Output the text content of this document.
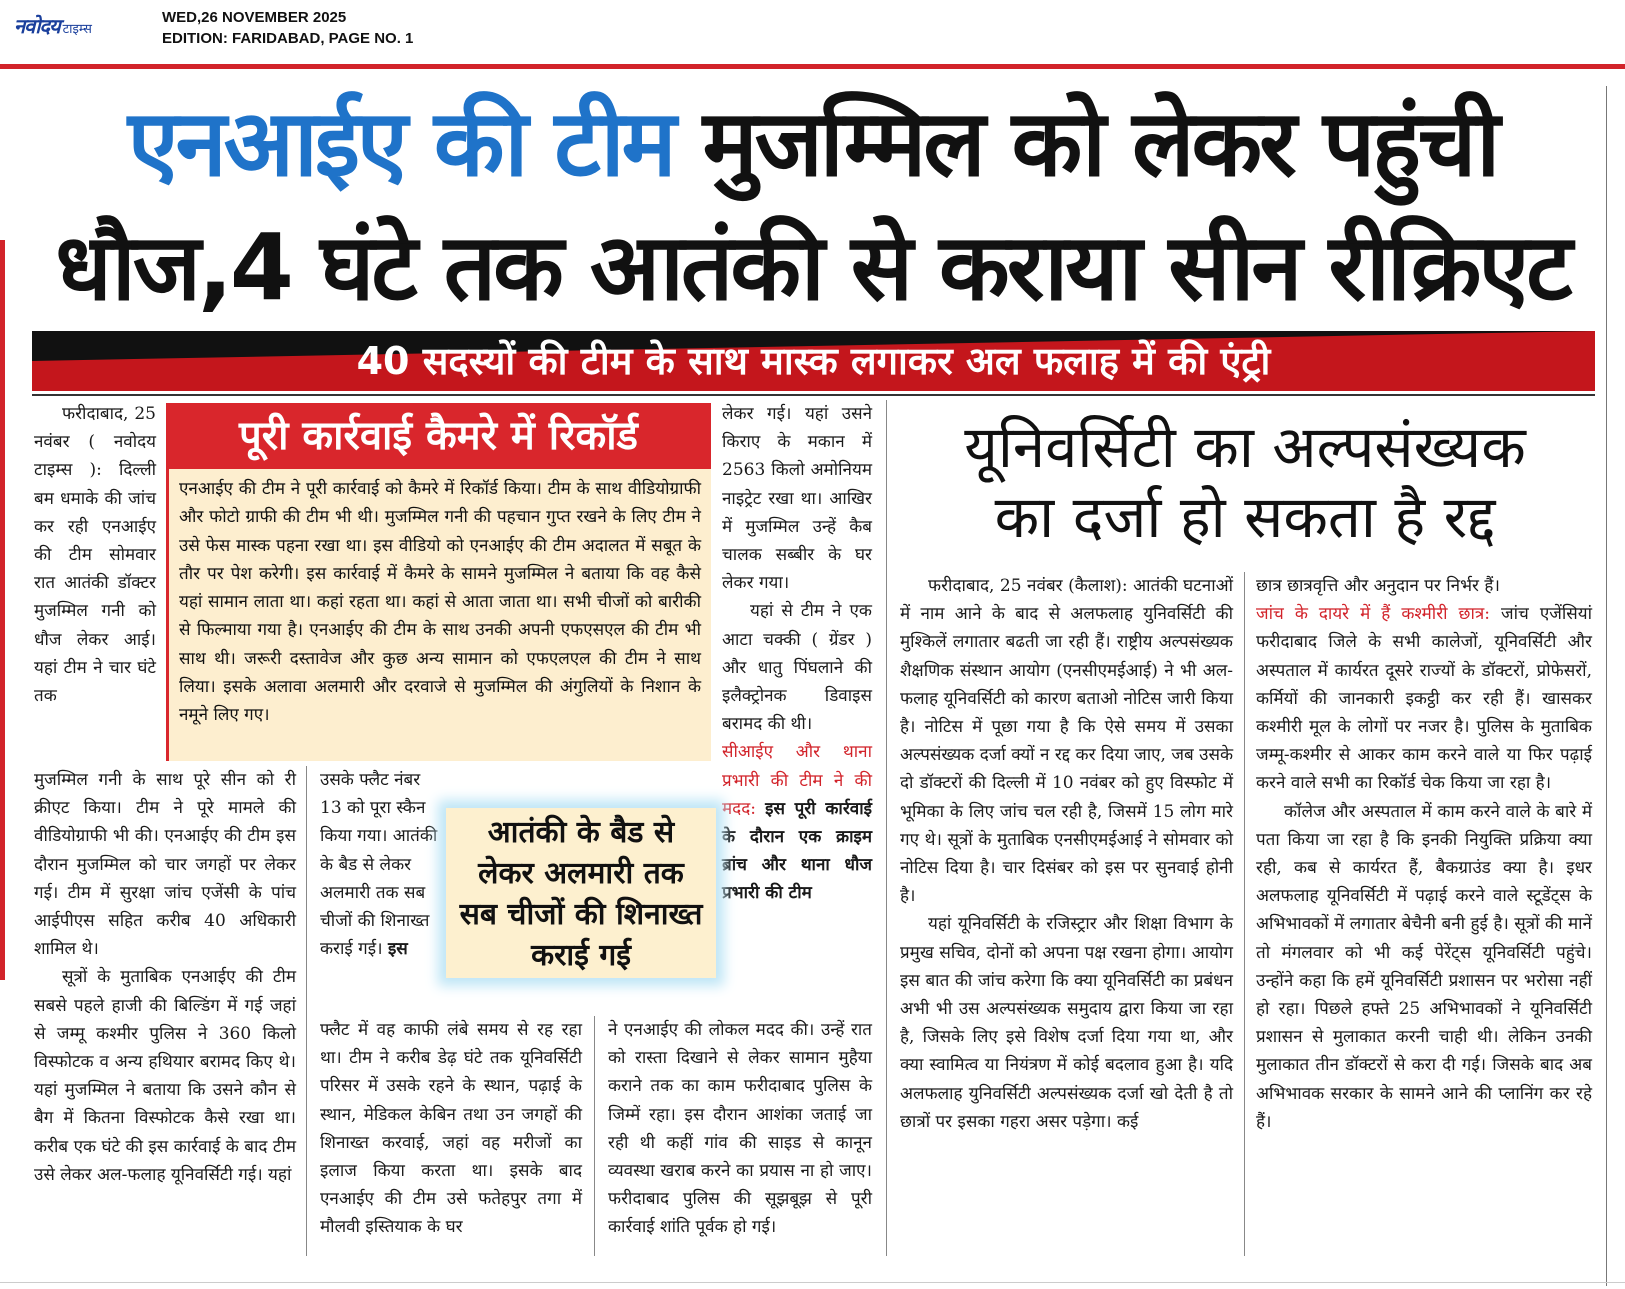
नवोदय टाइम्स
WED,26 NOVEMBER 2025
EDITION: FARIDABAD, PAGE NO. 1
एनआईए की टीम मुजम्मिल को लेकर पहुंची
धौज,4 घंटे तक आतंकी से कराया सीन रीक्रिएट
40 सदस्यों की टीम के साथ मास्क लगाकर अल फलाह में की एंट्री

फरीदाबाद, 25 नवंबर ( नवोदय टाइम्स ): दिल्ली बम धमाके की जांच कर रही एनआईए की टीम सोमवार रात आतंकी डॉक्टर मुजम्मिल गनी को धौज लेकर आई। यहां टीम ने चार घंटे तक

पूरी कार्रवाई कैमरे में रिकॉर्ड
एनआईए की टीम ने पूरी कार्रवाई को कैमरे में रिकॉर्ड किया। टीम के साथ वीडियोग्राफी और फोटो ग्राफी की टीम भी थी। मुजम्मिल गनी की पहचान गुप्त रखने के लिए टीम ने उसे फेस मास्क पहना रखा था। इस वीडियो को एनआईए की टीम अदालत में सबूत के तौर पर पेश करेगी। इस कार्रवाई में कैमरे के सामने मुजम्मिल ने बताया कि वह कैसे यहां सामान लाता था। कहां रहता था। कहां से आता जाता था। सभी चीजों को बारीकी से फिल्माया गया है। एनआईए की टीम के साथ उनकी अपनी एफएसएल की टीम भी साथ थी। जरूरी दस्तावेज और कुछ अन्य सामान को एफएलएल की टीम ने साथ लिया। इसके अलावा अलमारी और दरवाजे से मुजम्मिल की अंगुलियों के निशान के नमूने लिए गए।

लेकर गई। यहां उसने किराए के मकान में 2563 किलो अमोनियम नाइट्रेट रखा था। आखिर में मुजम्मिल उन्हें कैब चालक सब्बीर के घर लेकर गया।

यहां से टीम ने एक आटा चक्की ( ग्रेंडर ) और धातु पिंघलाने की इलैक्ट्रोनक डिवाइस बरामद की थी।

सीआईए और थाना प्रभारी की टीम ने की मदद: इस पूरी कार्रवाई के दौरान एक क्राइम ब्रांच और थाना धौज प्रभारी की टीम

मुजम्मिल गनी के साथ पूरे सीन को री क्रीएट किया। टीम ने पूरे मामले की वीडियोग्राफी भी की। एनआईए की टीम इस दौरान मुजम्मिल को चार जगहों पर लेकर गई। टीम में सुरक्षा जांच एजेंसी के पांच आईपीएस सहित करीब 40 अधिकारी शामिल थे।

सूत्रों के मुताबिक एनआईए की टीम सबसे पहले हाजी की बिल्डिंग में गई जहां से जम्मू कश्मीर पुलिस ने 360 किलो विस्फोटक व अन्य हथियार बरामद किए थे। यहां मुजम्मिल ने बताया कि उसने कौन से बैग में कितना विस्फोटक कैसे रखा था। करीब एक घंटे की इस कार्रवाई के बाद टीम उसे लेकर अल-फलाह यूनिवर्सिटी गई। यहां

उसके फ्लैट नंबर 13 को पूरा स्कैन किया गया। आतंकी के बैड से लेकर अलमारी तक सब चीजों की शिनाख्त कराई गई। इस

आतंकी के बैड से
लेकर अलमारी तक
सब चीजों की शिनाख्त
कराई गई

फ्लैट में वह काफी लंबे समय से रह रहा था। टीम ने करीब डेढ़ घंटे तक यूनिवर्सिटी परिसर में उसके रहने के स्थान, पढ़ाई के स्थान, मेडिकल केबिन तथा उन जगहों की शिनाख्त करवाई, जहां वह मरीजों का इलाज किया करता था। इसके बाद एनआईए की टीम उसे फतेहपुर तगा में मौलवी इस्तियाक के घर

ने एनआईए की लोकल मदद की। उन्हें रात को रास्ता दिखाने से लेकर सामान मुहैया कराने तक का काम फरीदाबाद पुलिस के जिम्में रहा। इस दौरान आशंका जताई जा रही थी कहीं गांव की साइड से कानून व्यवस्था खराब करने का प्रयास ना हो जाए। फरीदाबाद पुलिस की सूझबूझ से पूरी कार्रवाई शांति पूर्वक हो गई।

यूनिवर्सिटी का अल्पसंख्यक
का दर्जा हो सकता है रद्द

फरीदाबाद, 25 नवंबर (कैलाश): आतंकी घटनाओं में नाम आने के बाद से अलफलाह युनिवर्सिटी की मुश्किलें लगातार बढती जा रही हैं। राष्ट्रीय अल्पसंख्यक शैक्षणिक संस्थान आयोग (एनसीएमईआई) ने भी अल-फलाह यूनिवर्सिटी को कारण बताओ नोटिस जारी किया है। नोटिस में पूछा गया है कि ऐसे समय में उसका अल्पसंख्यक दर्जा क्यों न रद्द कर दिया जाए, जब उसके दो डॉक्टरों की दिल्ली में 10 नवंबर को हुए विस्फोट में भूमिका के लिए जांच चल रही है, जिसमें 15 लोग मारे गए थे। सूत्रों के मुताबिक एनसीएमईआई ने सोमवार को नोटिस दिया है। चार दिसंबर को इस पर सुनवाई होनी है।

यहां यूनिवर्सिटी के रजिस्ट्रार और शिक्षा विभाग के प्रमुख सचिव, दोनों को अपना पक्ष रखना होगा। आयोग इस बात की जांच करेगा कि क्या यूनिवर्सिटी का प्रबंधन अभी भी उस अल्पसंख्यक समुदाय द्वारा किया जा रहा है, जिसके लिए इसे विशेष दर्जा दिया गया था, और क्या स्वामित्व या नियंत्रण में कोई बदलाव हुआ है। यदि अलफलाह युनिवर्सिटी अल्पसंख्यक दर्जा खो देती है तो छात्रों पर इसका गहरा असर पड़ेगा। कई

छात्र छात्रवृत्ति और अनुदान पर निर्भर हैं।

जांच के दायरे में हैं कश्मीरी छात्र: जांच एजेंसियां फरीदाबाद जिले के सभी कालेजों, यूनिवर्सिटी और अस्पताल में कार्यरत दूसरे राज्यों के डॉक्टरों, प्रोफेसरों, कर्मियों की जानकारी इकट्ठी कर रही हैं। खासकर कश्मीरी मूल के लोगों पर नजर है। पुलिस के मुताबिक जम्मू-कश्मीर से आकर काम करने वाले या फिर पढ़ाई करने वाले सभी का रिकॉर्ड चेक किया जा रहा है।

कॉलेज और अस्पताल में काम करने वाले के बारे में पता किया जा रहा है कि इनकी नियुक्ति प्रक्रिया क्या रही, कब से कार्यरत हैं, बैकग्राउंड क्या है। इधर अलफलाह यूनिवर्सिटी में पढ़ाई करने वाले स्टूडेंट्स के अभिभावकों में लगातार बेचैनी बनी हुई है। सूत्रों की मानें तो मंगलवार को भी कई पेरेंट्स यूनिवर्सिटी पहुंचे। उन्होंने कहा कि हमें यूनिवर्सिटी प्रशासन पर भरोसा नहीं हो रहा। पिछले हफ्ते 25 अभिभावकों ने यूनिवर्सिटी प्रशासन से मुलाकात करनी चाही थी। लेकिन उनकी मुलाकात तीन डॉक्टरों से करा दी गई। जिसके बाद अब अभिभावक सरकार के सामने आने की प्लानिंग कर रहे हैं।
